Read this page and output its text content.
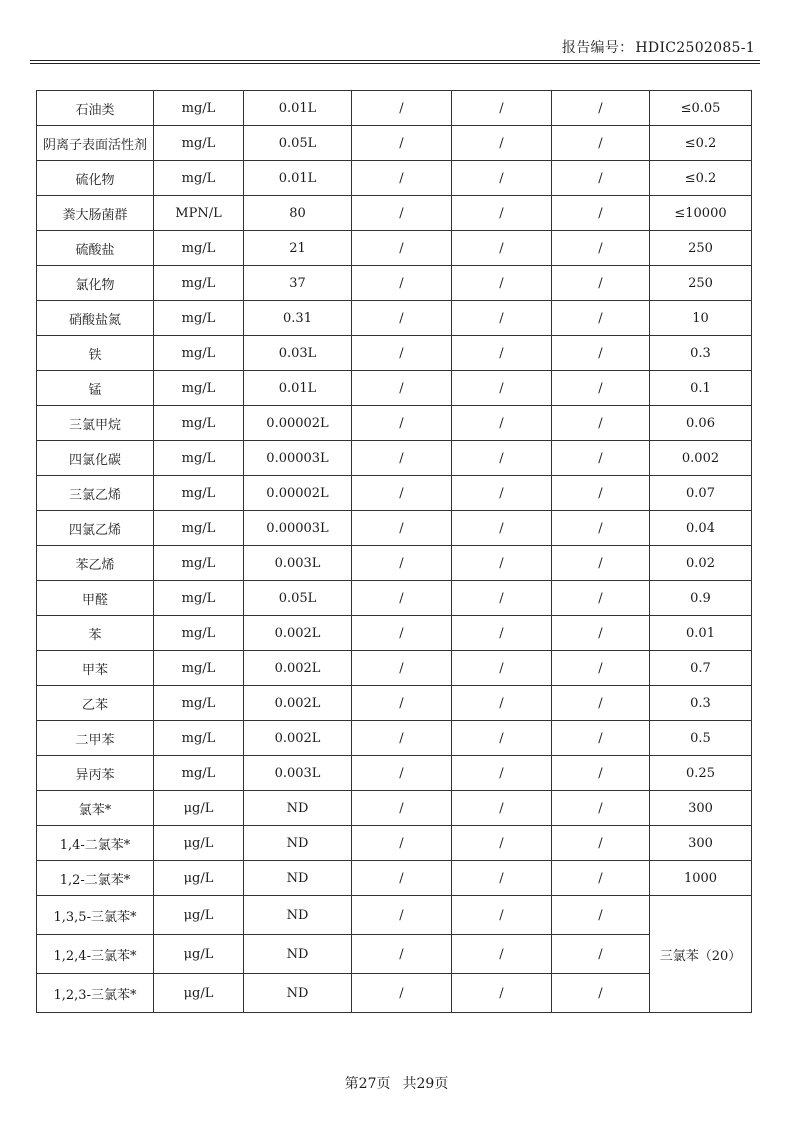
报告编号： HDIC2502085-1
石油类	mg/L	0.01L	/	/	/	≤0.05
阴离子表面活性剂	mg/L	0.05L	/	/	/	≤0.2
硫化物	mg/L	0.01L	/	/	/	≤0.2
粪大肠菌群	MPN/L	80	/	/	/	≤10000
硫酸盐	mg/L	21	/	/	/	250
氯化物	mg/L	37	/	/	/	250
硝酸盐氮	mg/L	0.31	/	/	/	10
铁	mg/L	0.03L	/	/	/	0.3
锰	mg/L	0.01L	/	/	/	0.1
三氯甲烷	mg/L	0.00002L	/	/	/	0.06
四氯化碳	mg/L	0.00003L	/	/	/	0.002
三氯乙烯	mg/L	0.00002L	/	/	/	0.07
四氯乙烯	mg/L	0.00003L	/	/	/	0.04
苯乙烯	mg/L	0.003L	/	/	/	0.02
甲醛	mg/L	0.05L	/	/	/	0.9
苯	mg/L	0.002L	/	/	/	0.01
甲苯	mg/L	0.002L	/	/	/	0.7
乙苯	mg/L	0.002L	/	/	/	0.3
二甲苯	mg/L	0.002L	/	/	/	0.5
异丙苯	mg/L	0.003L	/	/	/	0.25
氯苯*	μg/L	ND	/	/	/	300
1,4-二氯苯*	μg/L	ND	/	/	/	300
1,2-二氯苯*	μg/L	ND	/	/	/	1000
1,3,5-三氯苯*	μg/L	ND	/	/	/	三氯苯（20）
1,2,4-三氯苯*	μg/L	ND	/	/	/	
1,2,3-三氯苯*	μg/L	ND	/	/	/	
第27页 共29页
